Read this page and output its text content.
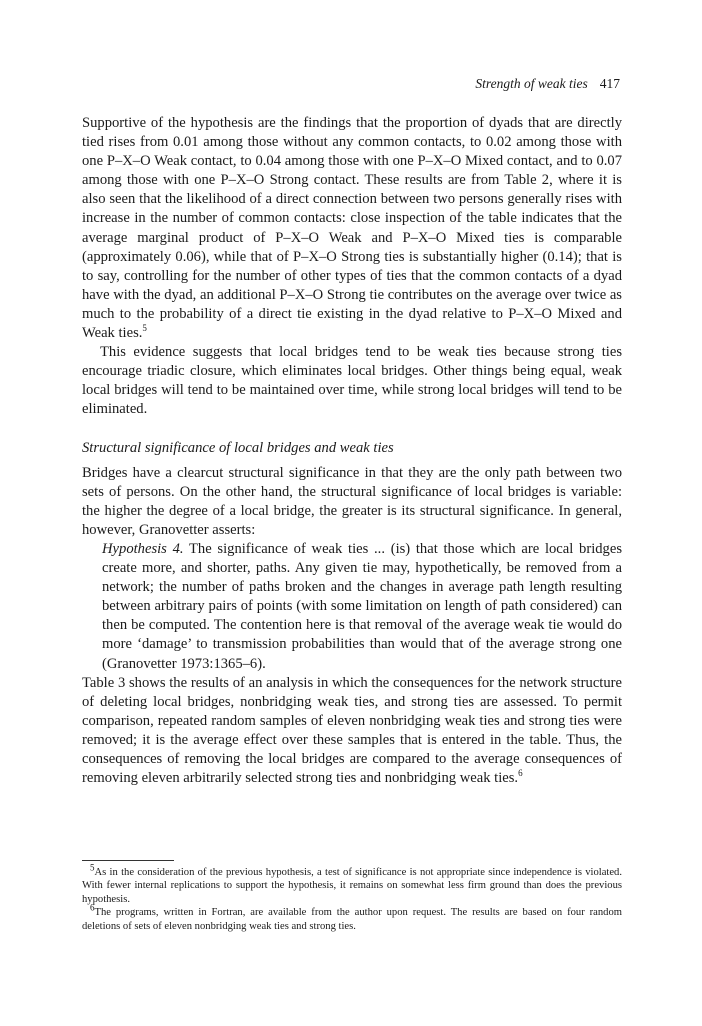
Strength of weak ties 417

Supportive of the hypothesis are the findings that the proportion of dyads that are directly tied rises from 0.01 among those without any common contacts, to 0.02 among those with one P–X–O Weak contact, to 0.04 among those with one P–X–O Mixed contact, and to 0.07 among those with one P–X–O Strong contact. These results are from Table 2, where it is also seen that the likelihood of a direct connection between two persons generally rises with increase in the number of common contacts: close inspection of the table indicates that the average marginal product of P–X–O Weak and P–X–O Mixed ties is comparable (approximately 0.06), while that of P–X–O Strong ties is substantially higher (0.14); that is to say, controlling for the number of other types of ties that the common contacts of a dyad have with the dyad, an additional P–X–O Strong tie contributes on the average over twice as much to the probability of a direct tie existing in the dyad relative to P–X–O Mixed and Weak ties.$^5$

This evidence suggests that local bridges tend to be weak ties because strong ties encourage triadic closure, which eliminates local bridges. Other things being equal, weak local bridges will tend to be maintained over time, while strong local bridges will tend to be eliminated.

Structural significance of local bridges and weak ties

Bridges have a clearcut structural significance in that they are the only path between two sets of persons. On the other hand, the structural significance of local bridges is variable: the higher the degree of a local bridge, the greater is its structural significance. In general, however, Granovetter asserts:

Hypothesis 4. The significance of weak ties ... (is) that those which are local bridges create more, and shorter, paths. Any given tie may, hypothetically, be removed from a network; the number of paths broken and the changes in average path length resulting between arbitrary pairs of points (with some limitation on length of path considered) can then be computed. The contention here is that removal of the average weak tie would do more ‘damage’ to transmission probabilities than would that of the average strong one (Granovetter 1973:1365–6).

Table 3 shows the results of an analysis in which the consequences for the network structure of deleting local bridges, nonbridging weak ties, and strong ties are assessed. To permit comparison, repeated random samples of eleven nonbridging weak ties and strong ties were removed; it is the average effect over these samples that is entered in the table. Thus, the consequences of removing the local bridges are compared to the average consequences of removing eleven arbitrarily selected strong ties and nonbridging weak ties.$^6$

$^5$As in the consideration of the previous hypothesis, a test of significance is not appropriate since independence is violated. With fewer internal replications to support the hypothesis, it remains on somewhat less firm ground than does the previous hypothesis.

$^6$The programs, written in Fortran, are available from the author upon request. The results are based on four random deletions of sets of eleven nonbridging weak ties and strong ties.
